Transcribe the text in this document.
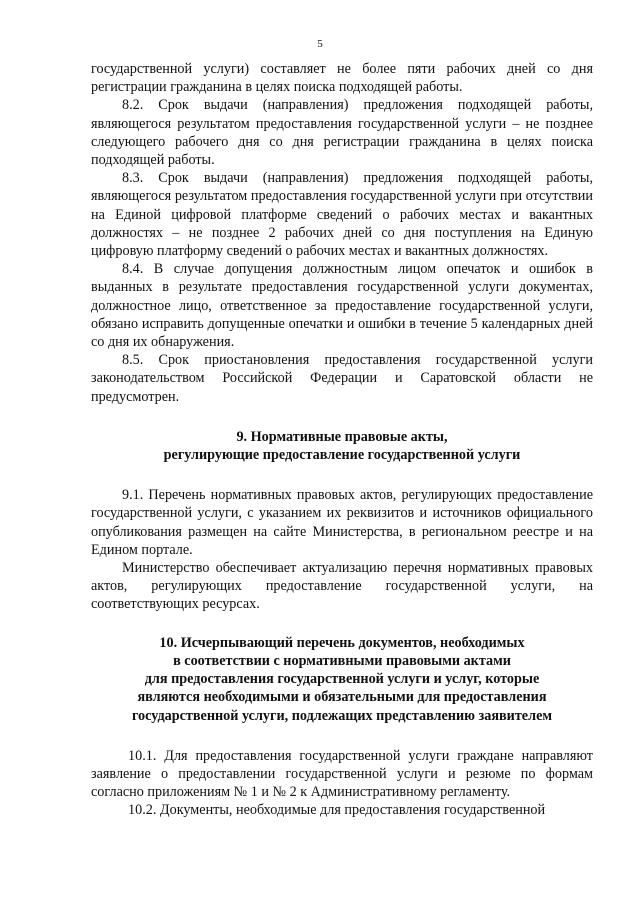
5

государственной услуги) составляет не более пяти рабочих дней со дня регистрации гражданина в целях поиска подходящей работы.

8.2. Срок выдачи (направления) предложения подходящей работы, являющегося результатом предоставления государственной услуги – не позднее следующего рабочего дня со дня регистрации гражданина в целях поиска подходящей работы.

8.3. Срок выдачи (направления) предложения подходящей работы, являющегося результатом предоставления государственной услуги при отсутствии на Единой цифровой платформе сведений о рабочих местах и вакантных должностях – не позднее 2 рабочих дней со дня поступления на Единую цифровую платформу сведений о рабочих местах и вакантных должностях.

8.4. В случае допущения должностным лицом опечаток и ошибок в выданных в результате предоставления государственной услуги документах, должностное лицо, ответственное за предоставление государственной услуги, обязано исправить допущенные опечатки и ошибки в течение 5 календарных дней со дня их обнаружения.

8.5. Срок приостановления предоставления государственной услуги законодательством Российской Федерации и Саратовской области не предусмотрен.

9. Нормативные правовые акты,

регулирующие предоставление государственной услуги

9.1. Перечень нормативных правовых актов, регулирующих предоставление государственной услуги, с указанием их реквизитов и источников официального опубликования размещен на сайте Министерства, в региональном реестре и на Едином портале.

Министерство обеспечивает актуализацию перечня нормативных правовых актов, регулирующих предоставление государственной услуги, на соответствующих ресурсах.

10. Исчерпывающий перечень документов, необходимых

в соответствии с нормативными правовыми актами

для предоставления государственной услуги и услуг, которые

являются необходимыми и обязательными для предоставления

государственной услуги, подлежащих представлению заявителем

10.1. Для предоставления государственной услуги граждане направляют заявление о предоставлении государственной услуги и резюме по формам согласно приложениям № 1 и № 2 к Административному регламенту.

10.2. Документы, необходимые для предоставления государственной
